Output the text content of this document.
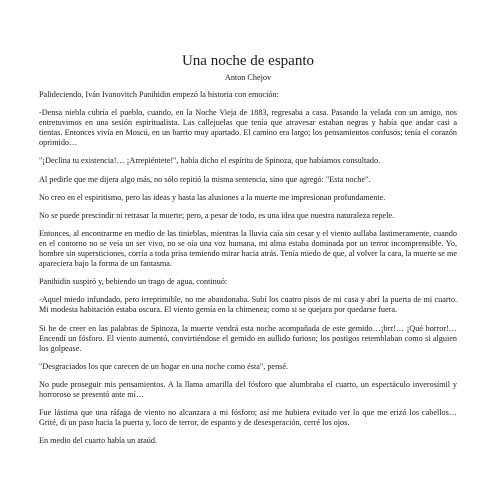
Una noche de espanto
Anton Chejov

Palideciendo, Iván Ivanovitch Panihidin empezó la historia con emoción:

-Densa niebla cubría el pueblo, cuando, en la Noche Vieja de 1883, regresaba a casa. Pasando la velada con un amigo, nos entretuvimos en una sesión espiritualista. Las callejuelas que tenía que atravesar estaban negras y había que andar casi a tientas. Entonces vivía en Moscú, en un barrio muy apartado. El camino era largo; los pensamientos confusos; tenía el corazón oprimido…

"¡Declina tu existencia!… ¡Arrepiéntete!", había dicho el espíritu de Spinoza, que habíamos consultado.

Al pedirle que me dijera algo más, no sólo repitió la misma sentencia, sino que agregó: "Esta noche".

No creo en el espiritismo, pero las ideas y hasta las alusiones a la muerte me impresionan profundamente.

No se puede prescindir ni retrasar la muerte; pero, a pesar de todo, es una idea que nuestra naturaleza repele.

Entonces, al encontrarme en medio de las tinieblas, mientras la lluvia caía sin cesar y el viento aullaba lastimeramente, cuando en el contorno no se veía un ser vivo, no se oía una voz humana, mi alma estaba dominada por un terror incomprensible. Yo, hombre sin supersticiones, corría a toda prisa temiendo mirar hacia atrás. Tenía miedo de que, al volver la cara, la muerte se me apareciera bajo la forma de un fantasma.

Panihidin suspiró y, bebiendo un trago de agua, continuó:

-Aquel miedo infundado, pero irreprimible, no me abandonaba. Subí los cuatro pisos de mi casa y abrí la puerta de mi cuarto. Mi modesta habitación estaba oscura. El viento gemía en la chimenea; como si se quejara por quedarse fuera.

Si he de creer en las palabras de Spinoza, la muerte vendrá esta noche acompañada de este gemido…¡brr!… ¡Qué horror!… Encendí un fósforo. El viento aumentó, convirtiéndose el gemido en aullido furioso; los postigos retemblaban como si alguien los golpease.

"Desgraciados los que carecen de un hogar en una noche como ésta", pensé.

No pude proseguir mis pensamientos. A la llama amarilla del fósforo que alumbraba el cuarto, un espectáculo inverosímil y horroroso se presentó ante mí…

Fue lástima que una ráfaga de viento no alcanzara a mi fósforo; así me hubiera evitado ver lo que me erizó los cabellos… Grité, di un paso hacia la puerta y, loco de terror, de espanto y de desesperación, cerré los ojos.

En medio del cuarto había un ataúd.
